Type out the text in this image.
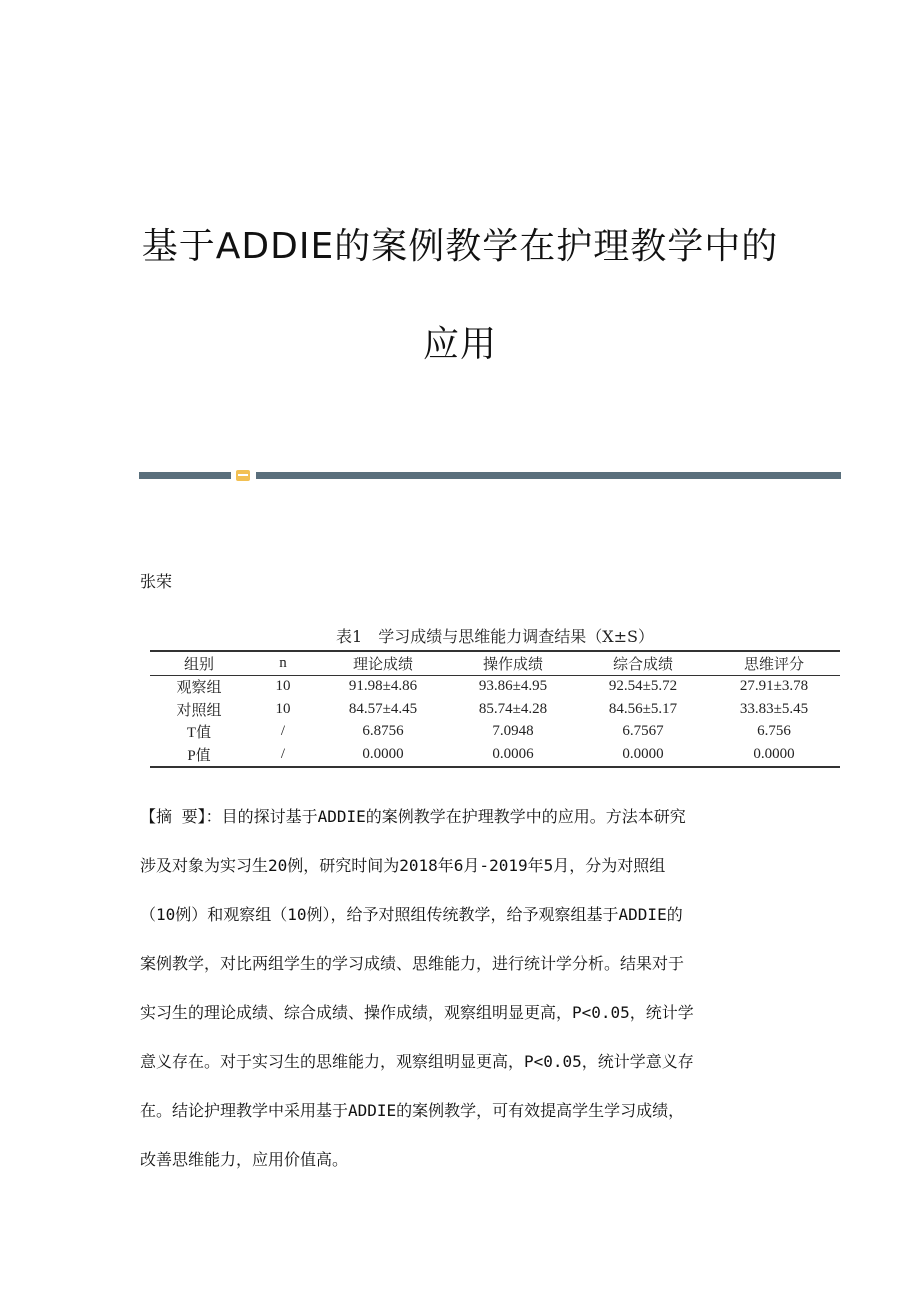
基于ADDIE的案例教学在护理教学中的
应用
张荣
表1　学习成绩与思维能力调查结果（X±S）
组别	n	理论成绩	操作成绩	综合成绩	思维评分
观察组	10	91.98±4.86	93.86±4.95	92.54±5.72	27.91±3.78
对照组	10	84.57±4.45	85.74±4.28	84.56±5.17	33.83±5.45
T值	/	6.8756	7.0948	6.7567	6.756
P值	/	0.0000	0.0006	0.0000	0.0000

【摘 要】：目的探讨基于ADDIE的案例教学在护理教学中的应用。方法本研究
涉及对象为实习生20例，研究时间为2018年6月-2019年5月，分为对照组
（10例）和观察组（10例），给予对照组传统教学，给予观察组基于ADDIE的
案例教学，对比两组学生的学习成绩、思维能力，进行统计学分析。结果对于
实习生的理论成绩、综合成绩、操作成绩，观察组明显更高，P<0.05，统计学
意义存在。对于实习生的思维能力，观察组明显更高，P<0.05，统计学意义存
在。结论护理教学中采用基于ADDIE的案例教学，可有效提高学生学习成绩，
改善思维能力，应用价值高。
